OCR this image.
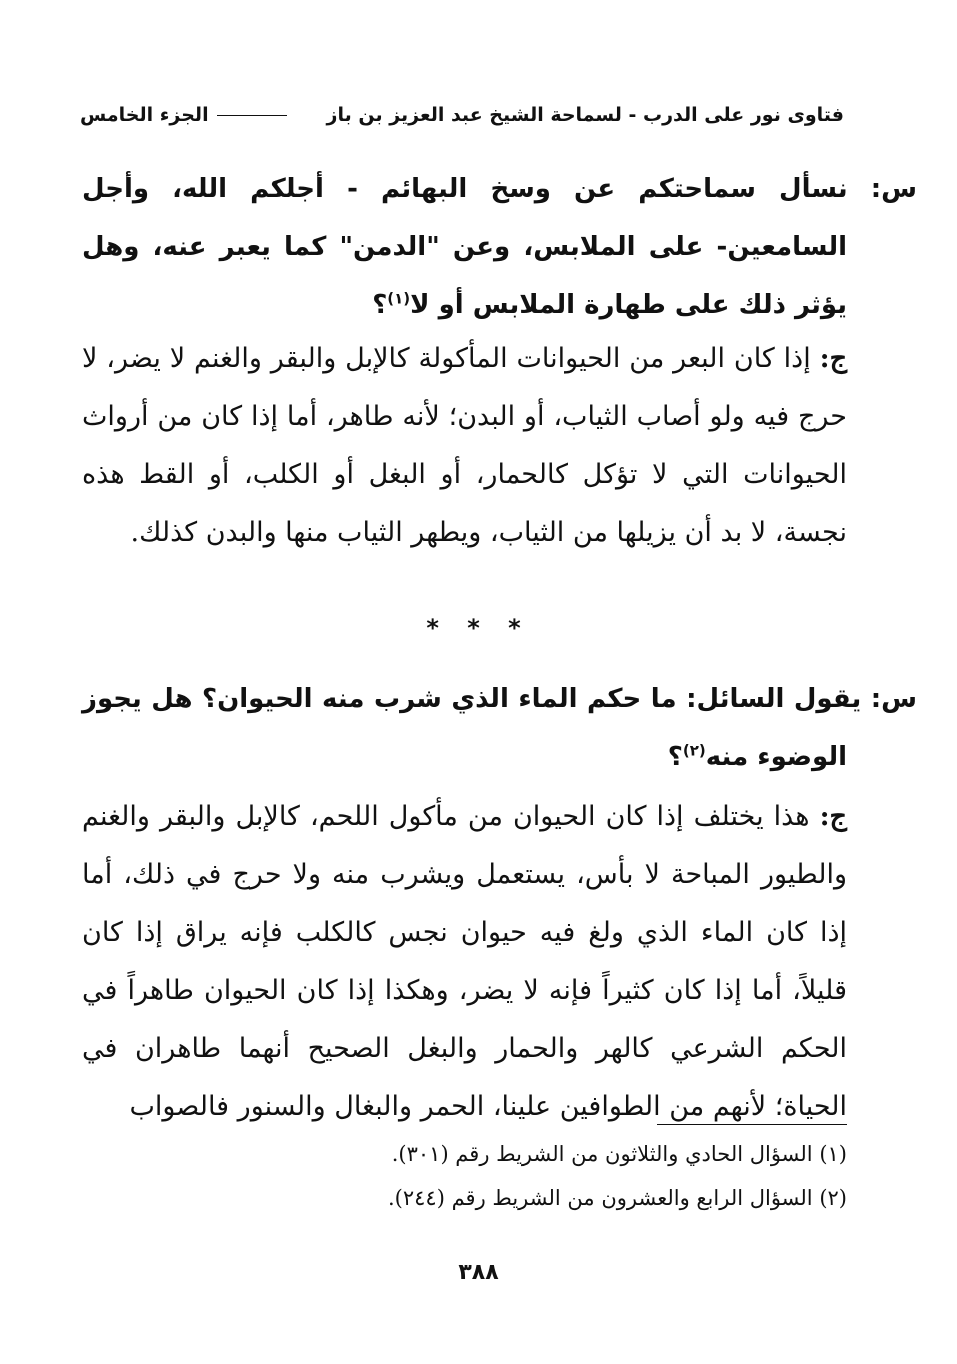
فتاوى نور على الدرب - لسماحة الشيخ عبد العزيز بن باز
الجزء الخامس
س: نسأل سماحتكم عن وسخ البهائم - أجلكم الله، وأجل السامعين- على الملابس، وعن "الدمن" كما يعبر عنه، وهل يؤثر ذلك على طهارة الملابس أو لا$^{(١)}$؟
ج: إذا كان البعر من الحيوانات المأكولة كالإبل والبقر والغنم لا يضر، لا حرج فيه ولو أصاب الثياب، أو البدن؛ لأنه طاهر، أما إذا كان من أرواث الحيوانات التي لا تؤكل كالحمار، أو البغل أو الكلب، أو القط هذه نجسة، لا بد أن يزيلها من الثياب، ويطهر الثياب منها والبدن كذلك.
* * *
س: يقول السائل: ما حكم الماء الذي شرب منه الحيوان؟ هل يجوز الوضوء منه$^{(٢)}$؟
ج: هذا يختلف إذا كان الحيوان من مأكول اللحم، كالإبل والبقر والغنم والطيور المباحة لا بأس، يستعمل ويشرب منه ولا حرج في ذلك، أما إذا كان الماء الذي ولغ فيه حيوان نجس كالكلب فإنه يراق إذا كان قليلاً، أما إذا كان كثيراً فإنه لا يضر، وهكذا إذا كان الحيوان طاهراً في الحكم الشرعي كالهر والحمار والبغل الصحيح أنهما طاهران في الحياة؛ لأنهم من الطوافين علينا، الحمر والبغال والسنور فالصواب
(١) السؤال الحادي والثلاثون من الشريط رقم (٣٠١).
(٢) السؤال الرابع والعشرون من الشريط رقم (٢٤٤).
٣٨٨
